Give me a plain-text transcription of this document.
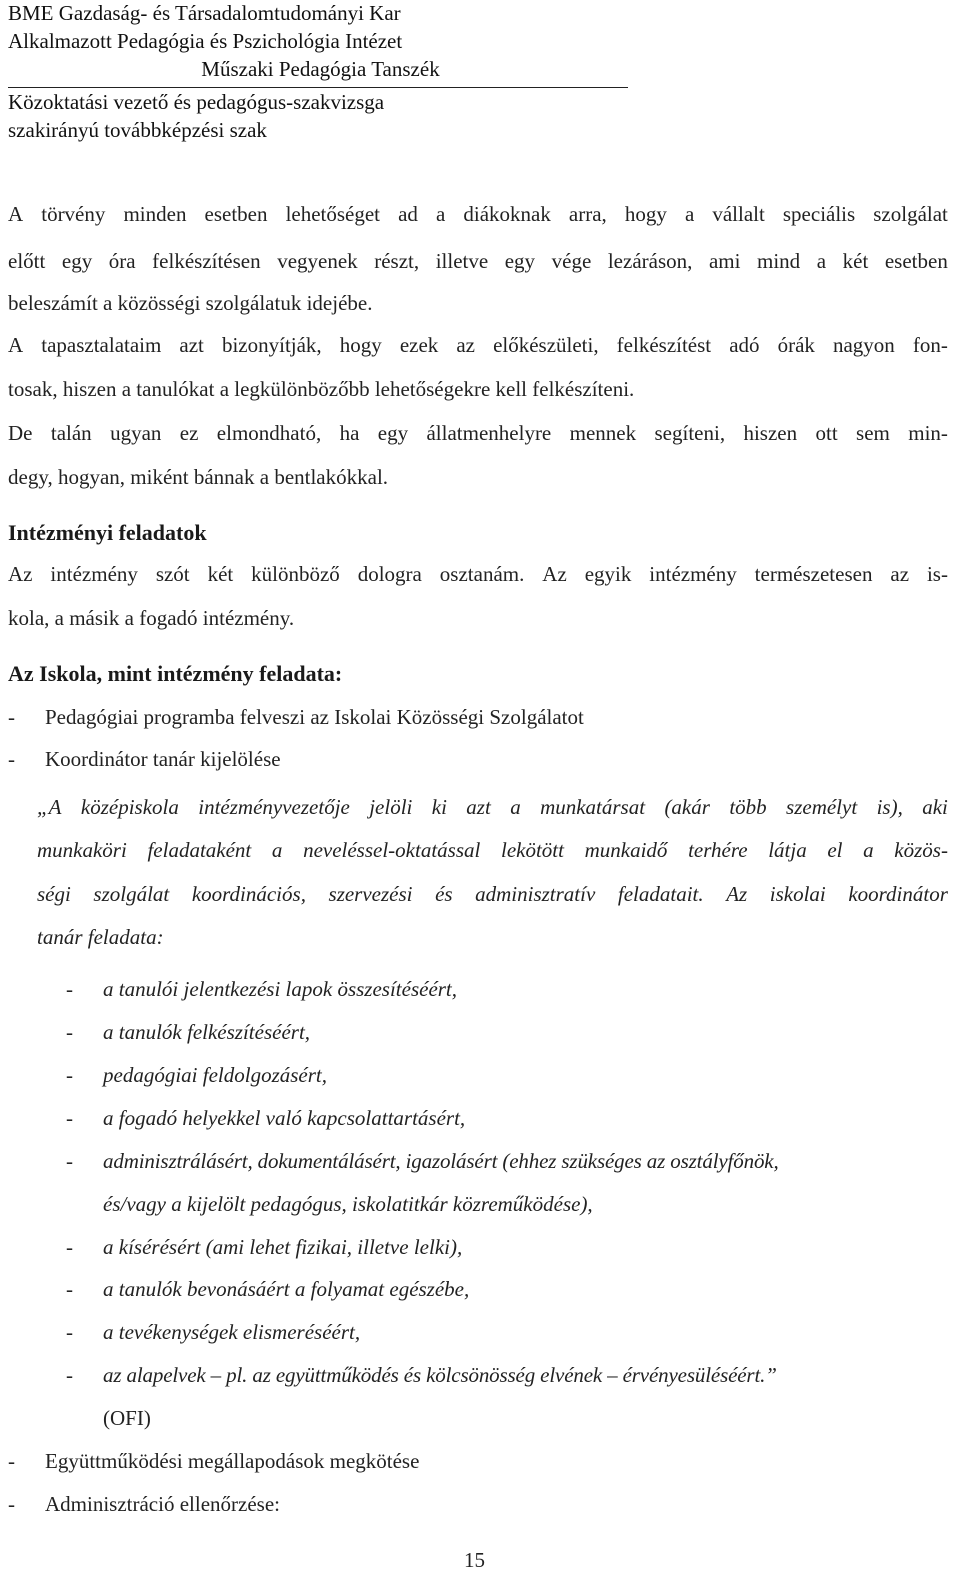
BME Gazdaság- és Társadalomtudományi Kar
Alkalmazott Pedagógia és Pszichológia Intézet
Műszaki Pedagógia Tanszék
Közoktatási vezető és pedagógus-szakvizsga
szakirányú továbbképzési szak
A törvény minden esetben lehetőséget ad a diákoknak arra, hogy a vállalt speciális szolgálat
előtt egy óra felkészítésen vegyenek részt, illetve egy vége lezáráson, ami mind a két esetben
beleszámít a közösségi szolgálatuk idejébe.
A tapasztalataim azt bizonyítják, hogy ezek az előkészületi, felkészítést adó órák nagyon fon-
tosak, hiszen a tanulókat a legkülönbözőbb lehetőségekre kell felkészíteni.
De talán ugyan ez elmondható, ha egy állatmenhelyre mennek segíteni, hiszen ott sem min-
degy, hogyan, miként bánnak a bentlakókkal.
Intézményi feladatok
Az intézmény szót két különböző dologra osztanám. Az egyik intézmény természetesen az is-
kola, a másik a fogadó intézmény.
Az Iskola, mint intézmény feladata:
- Pedagógiai programba felveszi az Iskolai Közösségi Szolgálatot
- Koordinátor tanár kijelölése
„A középiskola intézményvezetője jelöli ki azt a munkatársat (akár több személyt is), aki
munkaköri feladataként a neveléssel-oktatással lekötött munkaidő terhére látja el a közös-
ségi szolgálat koordinációs, szervezési és adminisztratív feladatait. Az iskolai koordinátor
tanár feladata:
- a tanulói jelentkezési lapok összesítéséért,
- a tanulók felkészítéséért,
- pedagógiai feldolgozásért,
- a fogadó helyekkel való kapcsolattartásért,
- adminisztrálásért, dokumentálásért, igazolásért (ehhez szükséges az osztályfőnök,
és/vagy a kijelölt pedagógus, iskolatitkár közreműködése),
- a kísérésért (ami lehet fizikai, illetve lelki),
- a tanulók bevonásáért a folyamat egészébe,
- a tevékenységek elismeréséért,
- az alapelvek – pl. az együttműködés és kölcsönösség elvének – érvényesüléséért.”
(OFI)
- Együttműködési megállapodások megkötése
- Adminisztráció ellenőrzése:
15
